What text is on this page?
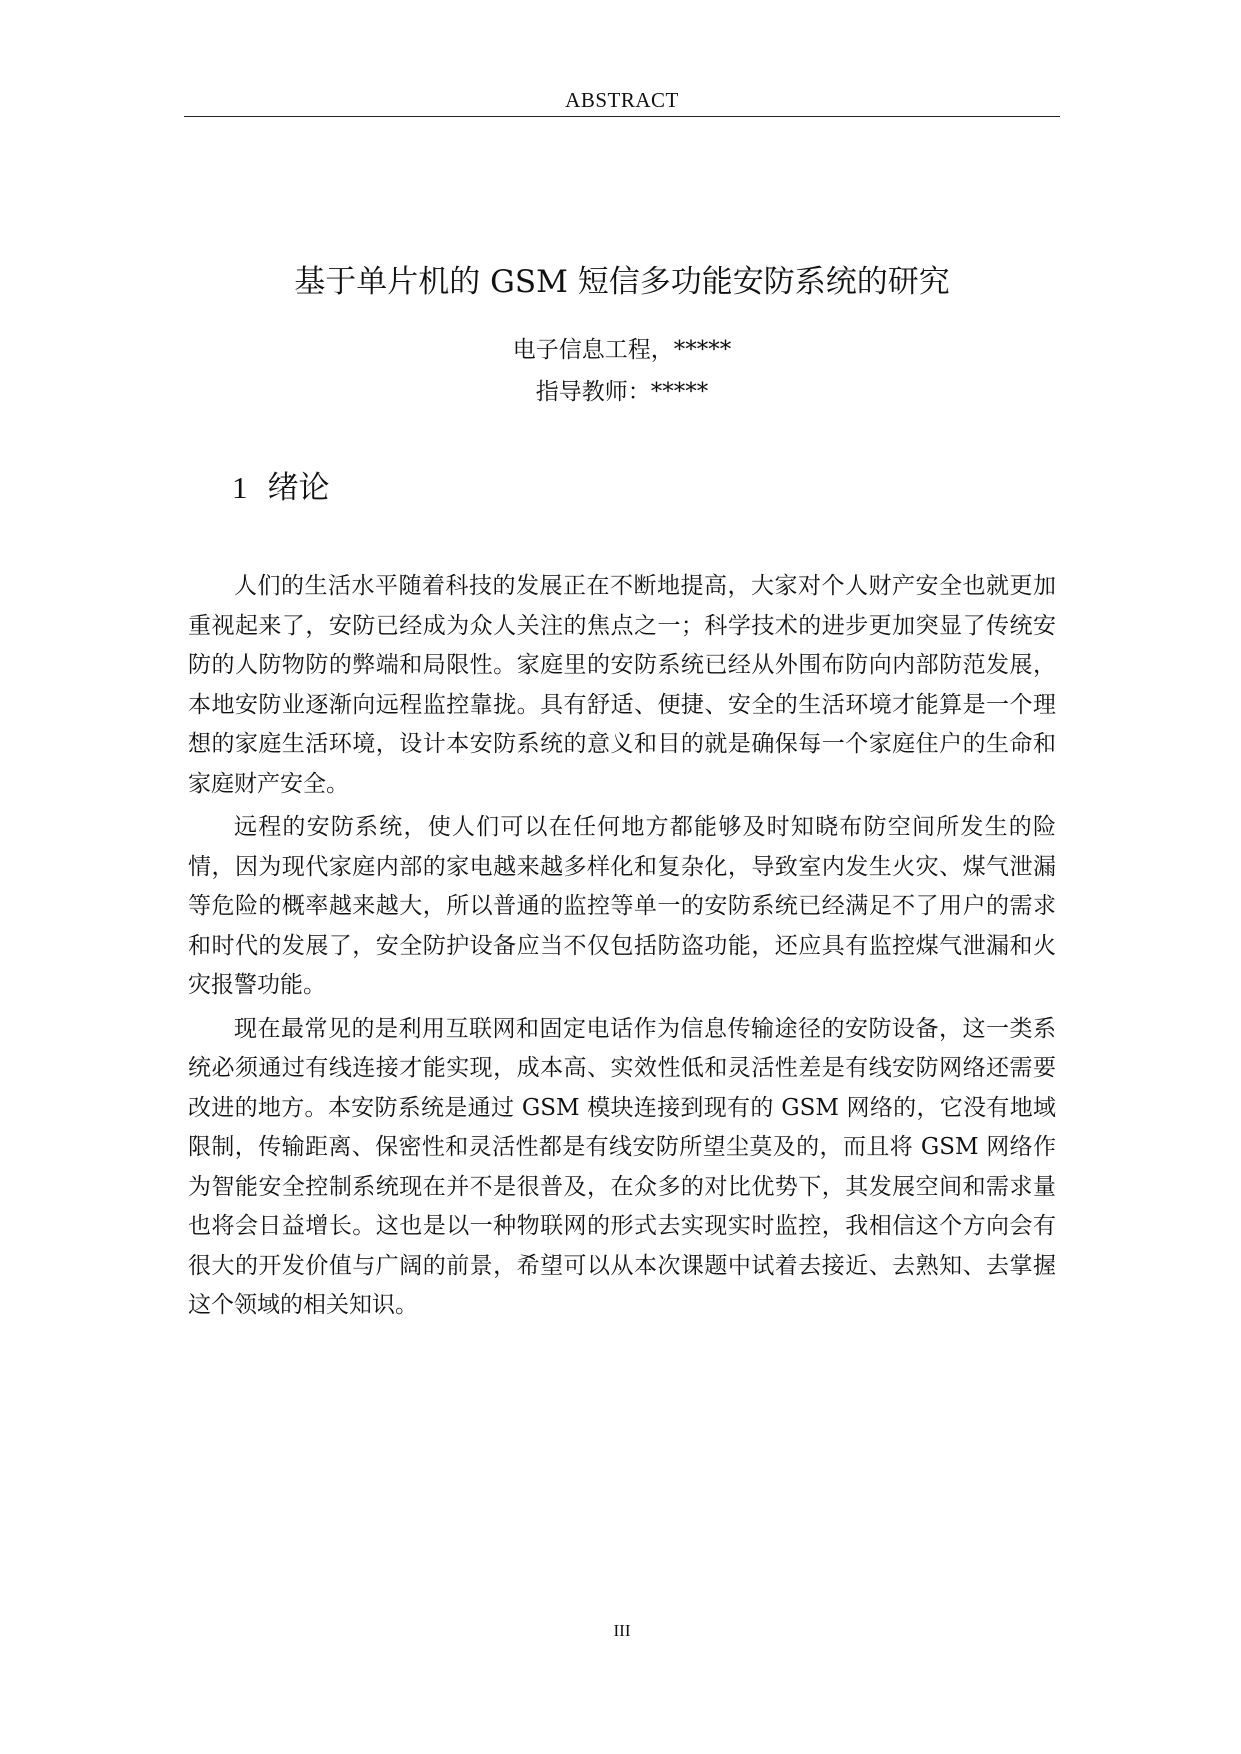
ABSTRACT
基于单片机的 GSM 短信多功能安防系统的研究
电子信息工程，*****
指导教师：*****
1 绪论

人们的生活水平随着科技的发展正在不断地提高，大家对个人财产安全也就更加重视起来了，安防已经成为众人关注的焦点之一；科学技术的进步更加突显了传统安防的人防物防的弊端和局限性。家庭里的安防系统已经从外围布防向内部防范发展，本地安防业逐渐向远程监控靠拢。具有舒适、便捷、安全的生活环境才能算是一个理想的家庭生活环境，设计本安防系统的意义和目的就是确保每一个家庭住户的生命和家庭财产安全。

远程的安防系统，使人们可以在任何地方都能够及时知晓布防空间所发生的险情，因为现代家庭内部的家电越来越多样化和复杂化，导致室内发生火灾、煤气泄漏等危险的概率越来越大，所以普通的监控等单一的安防系统已经满足不了用户的需求和时代的发展了，安全防护设备应当不仅包括防盗功能，还应具有监控煤气泄漏和火灾报警功能。

现在最常见的是利用互联网和固定电话作为信息传输途径的安防设备，这一类系统必须通过有线连接才能实现，成本高、实效性低和灵活性差是有线安防网络还需要改进的地方。本安防系统是通过 GSM 模块连接到现有的 GSM 网络的，它没有地域限制，传输距离、保密性和灵活性都是有线安防所望尘莫及的，而且将 GSM 网络作为智能安全控制系统现在并不是很普及，在众多的对比优势下，其发展空间和需求量也将会日益增长。这也是以一种物联网的形式去实现实时监控，我相信这个方向会有很大的开发价值与广阔的前景，希望可以从本次课题中试着去接近、去熟知、去掌握这个领域的相关知识。

III
